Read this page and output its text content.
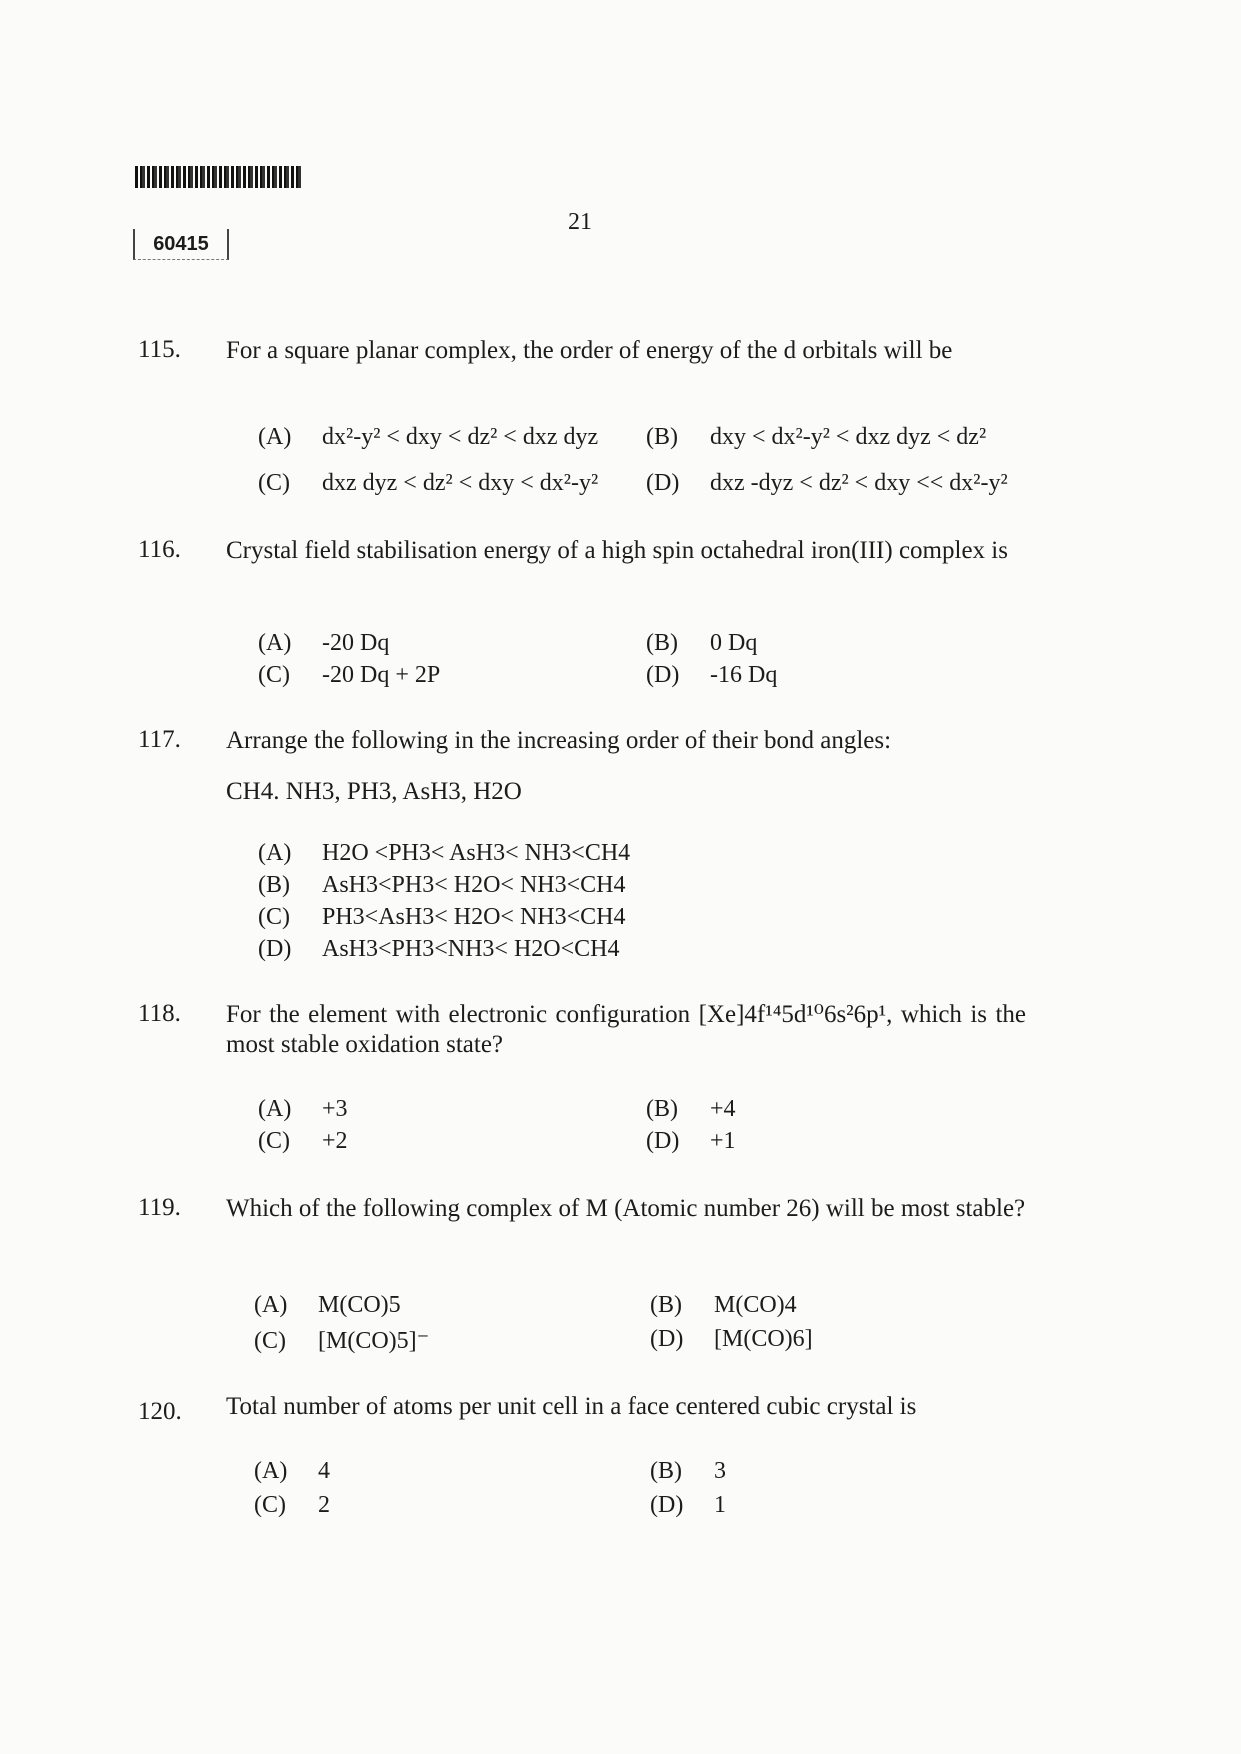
60415
21
115. For a square planar complex, the order of energy of the d orbitals will be
(A) dx²-y² < dxy < dz² < dxz dyz (B) dxy < dx²-y² < dxz dyz < dz²
(C) dxz dyz < dz² < dxy < dx²-y² (D) dxz -dyz < dz² < dxy << dx²-y²
116. Crystal field stabilisation energy of a high spin octahedral iron(III) complex is
(A) -20 Dq	(B) 0 Dq
(C) -20 Dq + 2P	(D) -16 Dq
117. Arrange the following in the increasing order of their bond angles:
CH4. NH3, PH3, AsH3, H2O
(A) H2O <PH3< AsH3< NH3<CH4
(B) AsH3<PH3< H2O< NH3<CH4
(C) PH3<AsH3< H2O< NH3<CH4
(D) AsH3<PH3<NH3< H2O<CH4
118. For the element with electronic configuration [Xe]4f¹⁴5d¹⁰6s²6p¹, which is the most stable oxidation state?
(A) +3	(B) +4
(C) +2	(D) +1
119. Which of the following complex of M (Atomic number 26) will be most stable?
(A) M(CO)5	(B) M(CO)4
(C) [M(CO)5]⁻	(D) [M(CO)6]
120. Total number of atoms per unit cell in a face centered cubic crystal is
(A) 4	(B) 3
(C) 2	(D) 1
